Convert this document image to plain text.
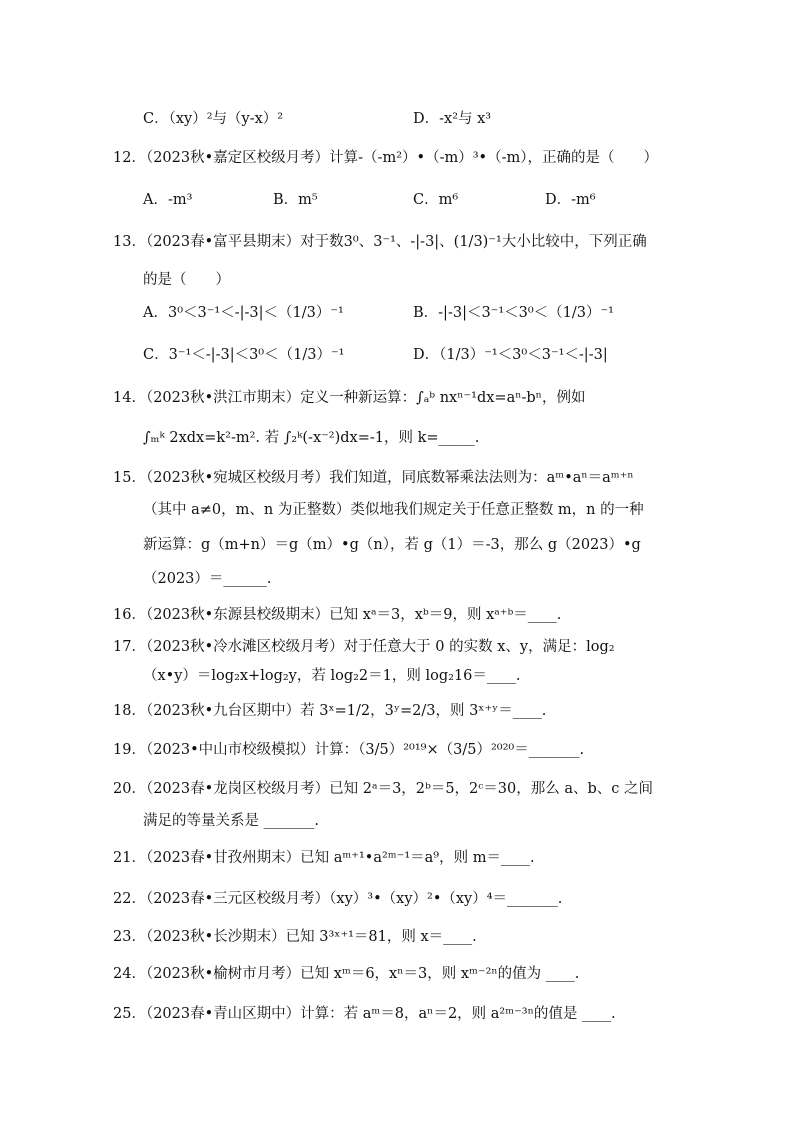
C．（xy）²与（y-x）²	D．-x²与 x³
12．（2023秋•嘉定区校级月考）计算-（-m²）•（-m）³•（-m），正确的是（　　）
A．-m³	B．m⁵	C．m⁶	D．-m⁶
13．（2023春•富平县期末）对于数3⁰、3⁻¹、-|-3|、(1/3)⁻¹大小比较中，下列正确
的是（　　）
A．3⁰＜3⁻¹＜-|-3|＜（1/3）⁻¹	B．-|-3|＜3⁻¹＜3⁰＜（1/3）⁻¹
C．3⁻¹＜-|-3|＜3⁰＜（1/3）⁻¹	D．（1/3）⁻¹＜3⁰＜3⁻¹＜-|-3|
14．（2023秋•洪江市期末）定义一种新运算：∫ₐᵇ nxⁿ⁻¹dx=aⁿ-bⁿ，例如
∫ₘᵏ 2xdx=k²-m². 若 ∫₂ᵏ(-x⁻²)dx=-1，则 k=_____.
15．（2023秋•宛城区校级月考）我们知道，同底数幂乘法法则为：aᵐ•aⁿ＝aᵐ⁺ⁿ
（其中 a≠0，m、n 为正整数）类似地我们规定关于任意正整数 m，n 的一种
新运算：g（m+n）＝g（m）•g（n），若 g（1）＝-3，那么 g（2023）•g
（2023）＝______.
16．（2023秋•东源县校级期末）已知 xᵃ＝3，xᵇ＝9，则 xᵃ⁺ᵇ＝____.
17．（2023秋•冷水滩区校级月考）对于任意大于 0 的实数 x、y，满足：log₂
（x•y）＝log₂x+log₂y，若 log₂2＝1，则 log₂16＝____.
18．（2023秋•九台区期中）若 3ˣ=1/2，3ʸ=2/3，则 3ˣ⁺ʸ＝____.
19．（2023•中山市校级模拟）计算：（3/5）²⁰¹⁹×（3/5）²⁰²⁰＝_______.
20．（2023春•龙岗区校级月考）已知 2ᵃ＝3，2ᵇ＝5，2ᶜ＝30，那么 a、b、c 之间
满足的等量关系是 _______.
21．（2023春•甘孜州期末）已知 aᵐ⁺¹•a²ᵐ⁻¹＝a⁹，则 m＝____.
22．（2023春•三元区校级月考）（xy）³•（xy）²•（xy）⁴＝_______.
23．（2023秋•长沙期末）已知 3³ˣ⁺¹＝81，则 x＝____.
24．（2023秋•榆树市月考）已知 xᵐ＝6，xⁿ＝3，则 xᵐ⁻²ⁿ的值为 ____.
25．（2023春•青山区期中）计算：若 aᵐ＝8，aⁿ＝2，则 a²ᵐ⁻³ⁿ的值是 ____.
